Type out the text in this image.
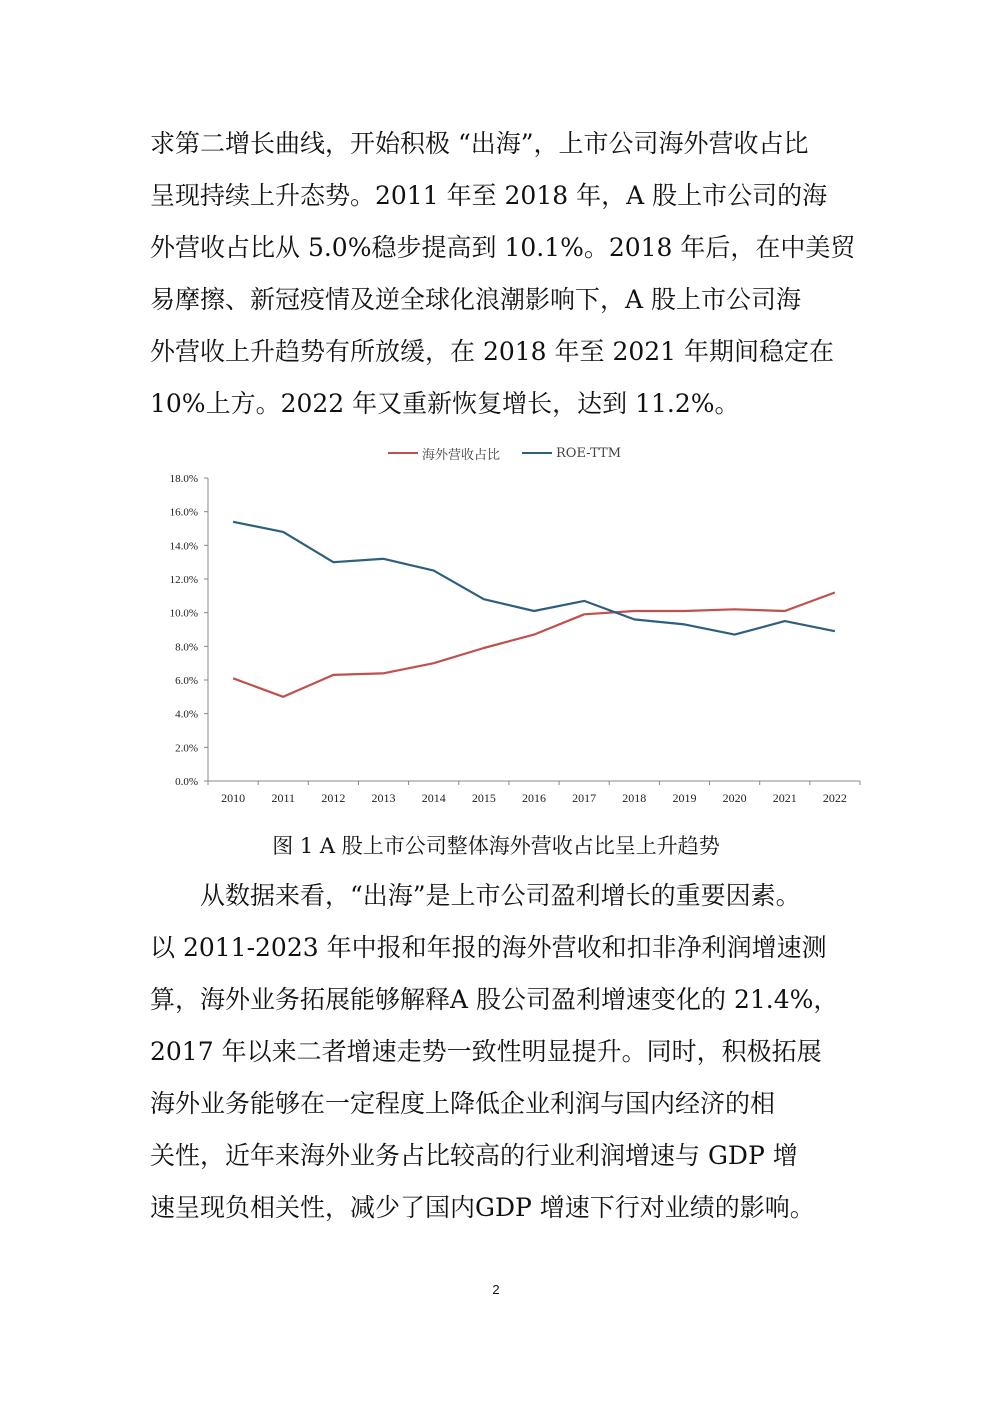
求第二增长曲线，开始积极 “出海”，上市公司海外营收占比
呈现持续上升态势。2011 年至 2018 年，A 股上市公司的海
外营收占比从 5.0%稳步提高到 10.1%。2018 年后，在中美贸
易摩擦、新冠疫情及逆全球化浪潮影响下，A 股上市公司海
外营收上升趋势有所放缓，在 2018 年至 2021 年期间稳定在
10%上方。2022 年又重新恢复增长，达到 11.2%。
海外营收占比	ROE-TTM
0.0%
2.0%
4.0%
6.0%
8.0%
10.0%
12.0%
14.0%
16.0%
18.0%
2010 2011 2012 2013 2014 2015 2016 2017 2018 2019 2020 2021 2022
图 1 A 股上市公司整体海外营收占比呈上升趋势
从数据来看，“出海”是上市公司盈利增长的重要因素。
以 2011-2023 年中报和年报的海外营收和扣非净利润增速测
算，海外业务拓展能够解释A 股公司盈利增速变化的 21.4%，
2017 年以来二者增速走势一致性明显提升。同时，积极拓展
海外业务能够在一定程度上降低企业利润与国内经济的相
关性，近年来海外业务占比较高的行业利润增速与 GDP 增
速呈现负相关性，减少了国内GDP 增速下行对业绩的影响。
2
